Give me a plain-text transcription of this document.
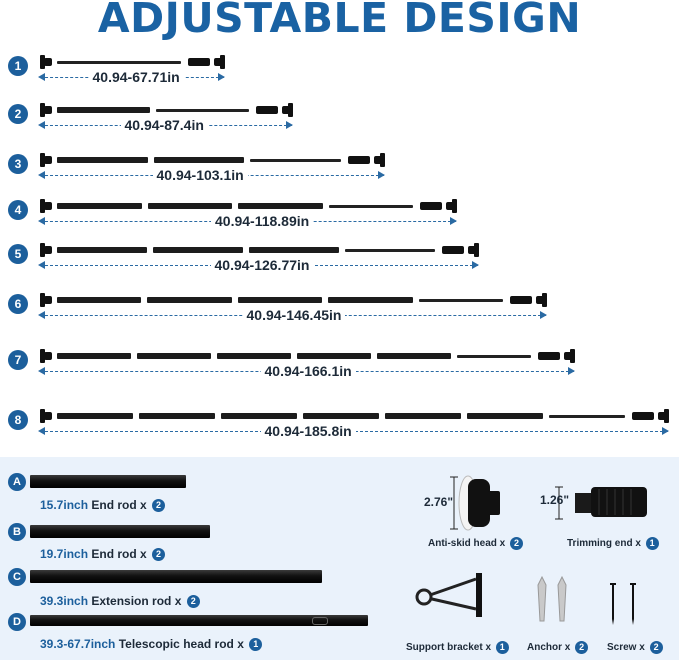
ADJUSTABLE DESIGN
1
40.94-67.71in
2
40.94-87.4in
3
40.94-103.1in
4
40.94-118.89in
5
40.94-126.77in
6
40.94-146.45in
7
40.94-166.1in
8
40.94-185.8in
A
15.7inch End rod x 2
B
19.7inch End rod x 2
C
39.3inch Extension rod x 2
D
39.3-67.7inch Telescopic head rod x 1
2.76"
Anti-skid head x 2
1.26"
Trimming end x 1
Support bracket x 1	Anchor x 2	Screw x 2
